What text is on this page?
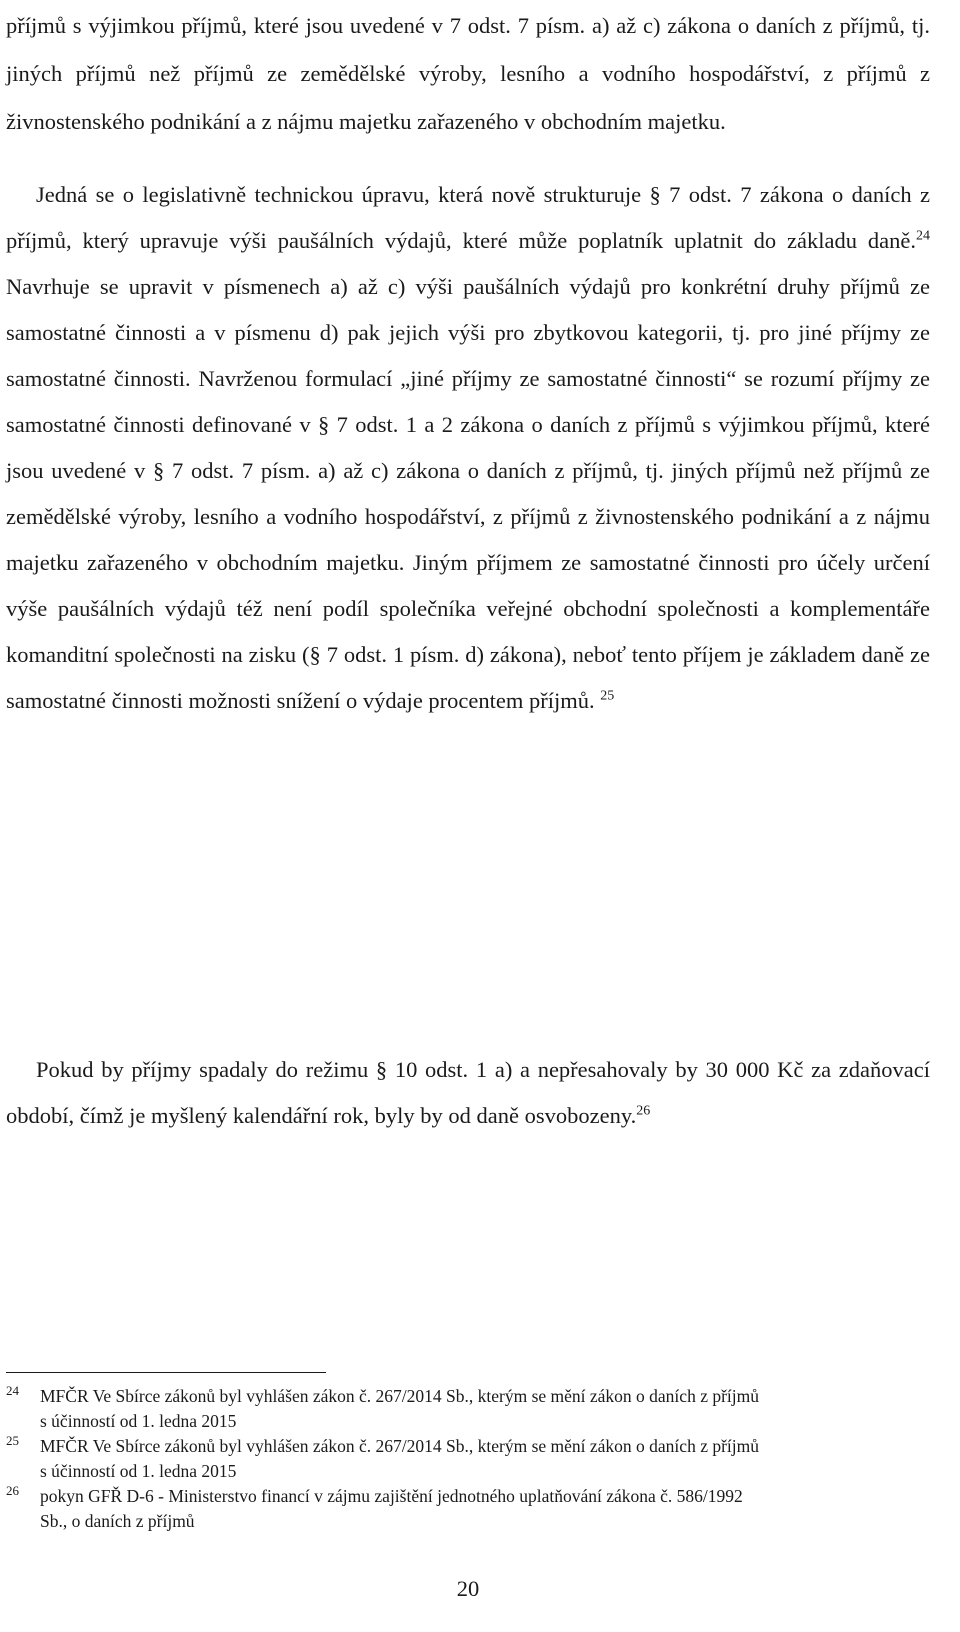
příjmů s výjimkou příjmů, které jsou uvedené v 7 odst. 7 písm. a) až c) zákona o daních z příjmů, tj. jiných příjmů než příjmů ze zemědělské výroby, lesního a vodního hospodářství, z příjmů z živnostenského podnikání a z nájmu majetku zařazeného v obchodním majetku.

Jedná se o legislativně technickou úpravu, která nově strukturuje § 7 odst. 7 zákona o daních z příjmů, který upravuje výši paušálních výdajů, které může poplatník uplatnit do základu daně.$^{24}$ Navrhuje se upravit v písmenech a) až c) výši paušálních výdajů pro konkrétní druhy příjmů ze samostatné činnosti a v písmenu d) pak jejich výši pro zbytkovou kategorii, tj. pro jiné příjmy ze samostatné činnosti. Navrženou formulací „jiné příjmy ze samostatné činnosti“ se rozumí příjmy ze samostatné činnosti definované v § 7 odst. 1 a 2 zákona o daních z příjmů s výjimkou příjmů, které jsou uvedené v § 7 odst. 7 písm. a) až c) zákona o daních z příjmů, tj. jiných příjmů než příjmů ze zemědělské výroby, lesního a vodního hospodářství, z příjmů z živnostenského podnikání a z nájmu majetku zařazeného v obchodním majetku. Jiným příjmem ze samostatné činnosti pro účely určení výše paušálních výdajů též není podíl společníka veřejné obchodní společnosti a komplementáře komanditní společnosti na zisku (§ 7 odst. 1 písm. d) zákona), neboť tento příjem je základem daně ze samostatné činnosti možnosti snížení o výdaje procentem příjmů. $^{25}$

Pokud by příjmy spadaly do režimu § 10 odst. 1 a) a nepřesahovaly by 30 000 Kč za zdaňovací období, čímž je myšlený kalendářní rok, byly by od daně osvobozeny.$^{26}$

24 MFČR Ve Sbírce zákonů byl vyhlášen zákon č. 267/2014 Sb., kterým se mění zákon o daních z příjmů
s účinností od 1. ledna 2015

25 MFČR Ve Sbírce zákonů byl vyhlášen zákon č. 267/2014 Sb., kterým se mění zákon o daních z příjmů
s účinností od 1. ledna 2015

26 pokyn GFŘ D-6 - Ministerstvo financí v zájmu zajištění jednotného uplatňování zákona č. 586/1992
Sb., o daních z příjmů

20
